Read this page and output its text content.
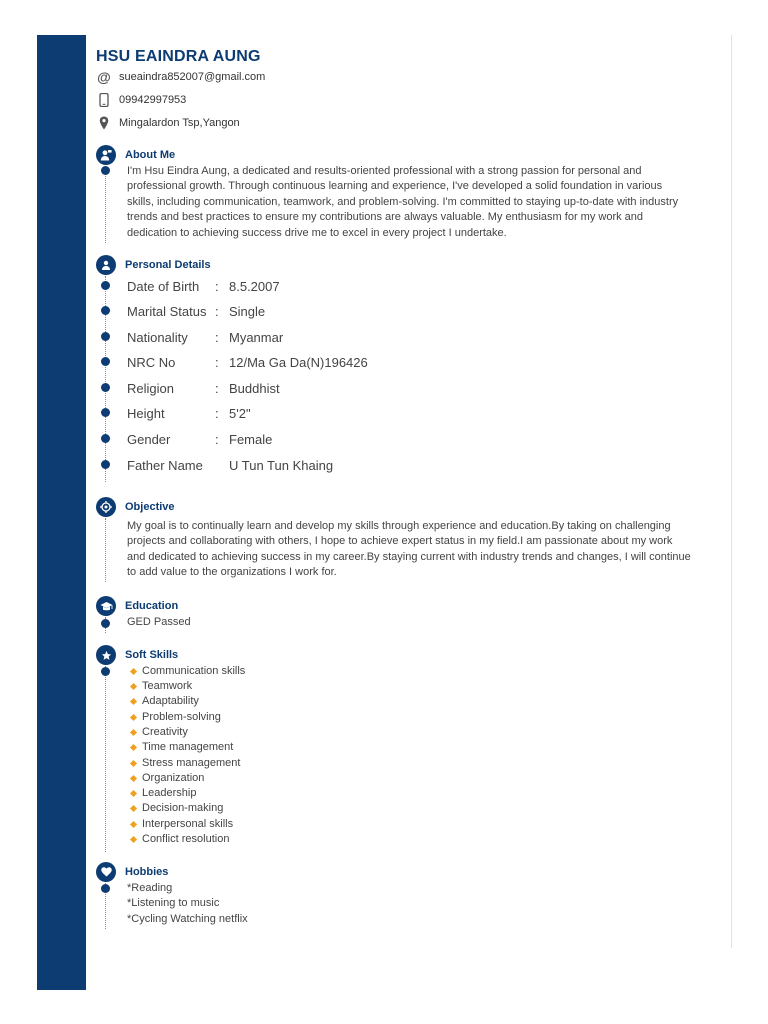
HSU EAINDRA AUNG
@ sueaindra852007@gmail.com
09942997953
Mingalardon Tsp,Yangon
About Me
I'm Hsu Eindra Aung, a dedicated and results-oriented professional with a strong passion for personal and
professional growth. Through continuous learning and experience, I've developed a solid foundation in various
skills, including communication, teamwork, and problem-solving. I'm committed to staying up-to-date with industry
trends and best practices to ensure my contributions are always valuable. My enthusiasm for my work and
dedication to achieving success drive me to excel in every project I undertake.
Personal Details
Date of Birth	: 8.5.2007
Marital Status : Single
Nationality	: Myanmar
NRC No	: 12/Ma Ga Da(N)196426
Religion	: Buddhist
Height	: 5'2"
Gender	: Female
Father Name	U Tun Tun Khaing
Objective
My goal is to continually learn and develop my skills through experience and education.By taking on challenging
projects and collaborating with others, I hope to achieve expert status in my field.I am passionate about my work
and dedicated to achieving success in my career.By staying current with industry trends and changes, I will continue
to add value to the organizations I work for.
Education
GED Passed
Soft Skills
Communication skills
Teamwork
Adaptability
Problem-solving
Creativity
Time management
Stress management
Organization
Leadership
Decision-making
Interpersonal skills
Conflict resolution
Hobbies
*Reading
*Listening to music
*Cycling Watching netflix
